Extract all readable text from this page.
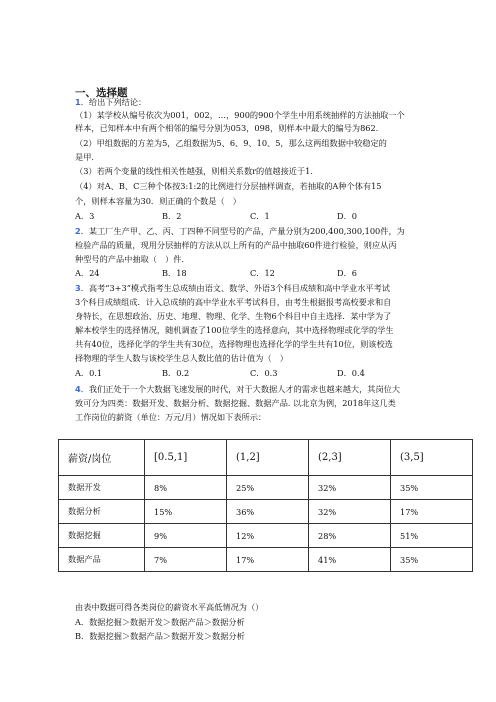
一、选择题
1．给出下列结论：
（1）某学校从编号依次为001，002，…，900的900个学生中用系统抽样的方法抽取一个
样本，已知样本中有两个相邻的编号分别为053，098，则样本中最大的编号为862．
（2）甲组数据的方差为5，乙组数据为5、6、9、10、5，那么这两组数据中较稳定的
是甲．
（3）若两个变量的线性相关性越强，则相关系数r的值越接近于1．
（4）对A、B、C三种个体按3:1:2的比例进行分层抽样调查，若抽取的A种个体有15
个，则样本容量为30．则正确的个数是（　）
A．3	B．2	C．1	D．0
2．某工厂生产甲、乙、丙、丁四种不同型号的产品，产量分别为200,400,300,100件，为
检验产品的质量，现用分层抽样的方法从以上所有的产品中抽取60件进行检验，则应从丙
种型号的产品中抽取（　）件．
A．24	B．18	C．12	D．6
3．高考“3+3”模式指考生总成绩由语文、数学、外语3个科目成绩和高中学业水平考试
3个科目成绩组成．计入总成绩的高中学业水平考试科目，由考生根据报考高校要求和自
身特长，在思想政治、历史、地理、物理、化学、生物6个科目中自主选择．某中学为了
解本校学生的选择情况，随机调查了100位学生的选择意向，其中选择物理或化学的学生
共有40位，选择化学的学生共有30位，选择物理也选择化学的学生共有10位，则该校选
择物理的学生人数与该校学生总人数比值的估计值为（　）
A．0.1	B．0.2	C．0.3	D．0.4
4．我们正处于一个大数据飞速发展的时代，对于大数据人才的需求也越来越大，其岗位大
致可分为四类：数据开发、数据分析、数据挖掘、数据产品. 以北京为例，2018年这几类
工作岗位的薪资（单位：万元/月）情况如下表所示：
薪资/岗位	[0.5,1]	(1,2]	(2,3]	(3,5]
数据开发	8%	25%	32%	35%
数据分析	15%	36%	32%	17%
数据挖掘	9%	12%	28%	51%
数据产品	7%	17%	41%	35%
由表中数据可得各类岗位的薪资水平高低情况为（）
A．数据挖掘＞数据开发＞数据产品＞数据分析
B．数据挖掘＞数据产品＞数据开发＞数据分析
